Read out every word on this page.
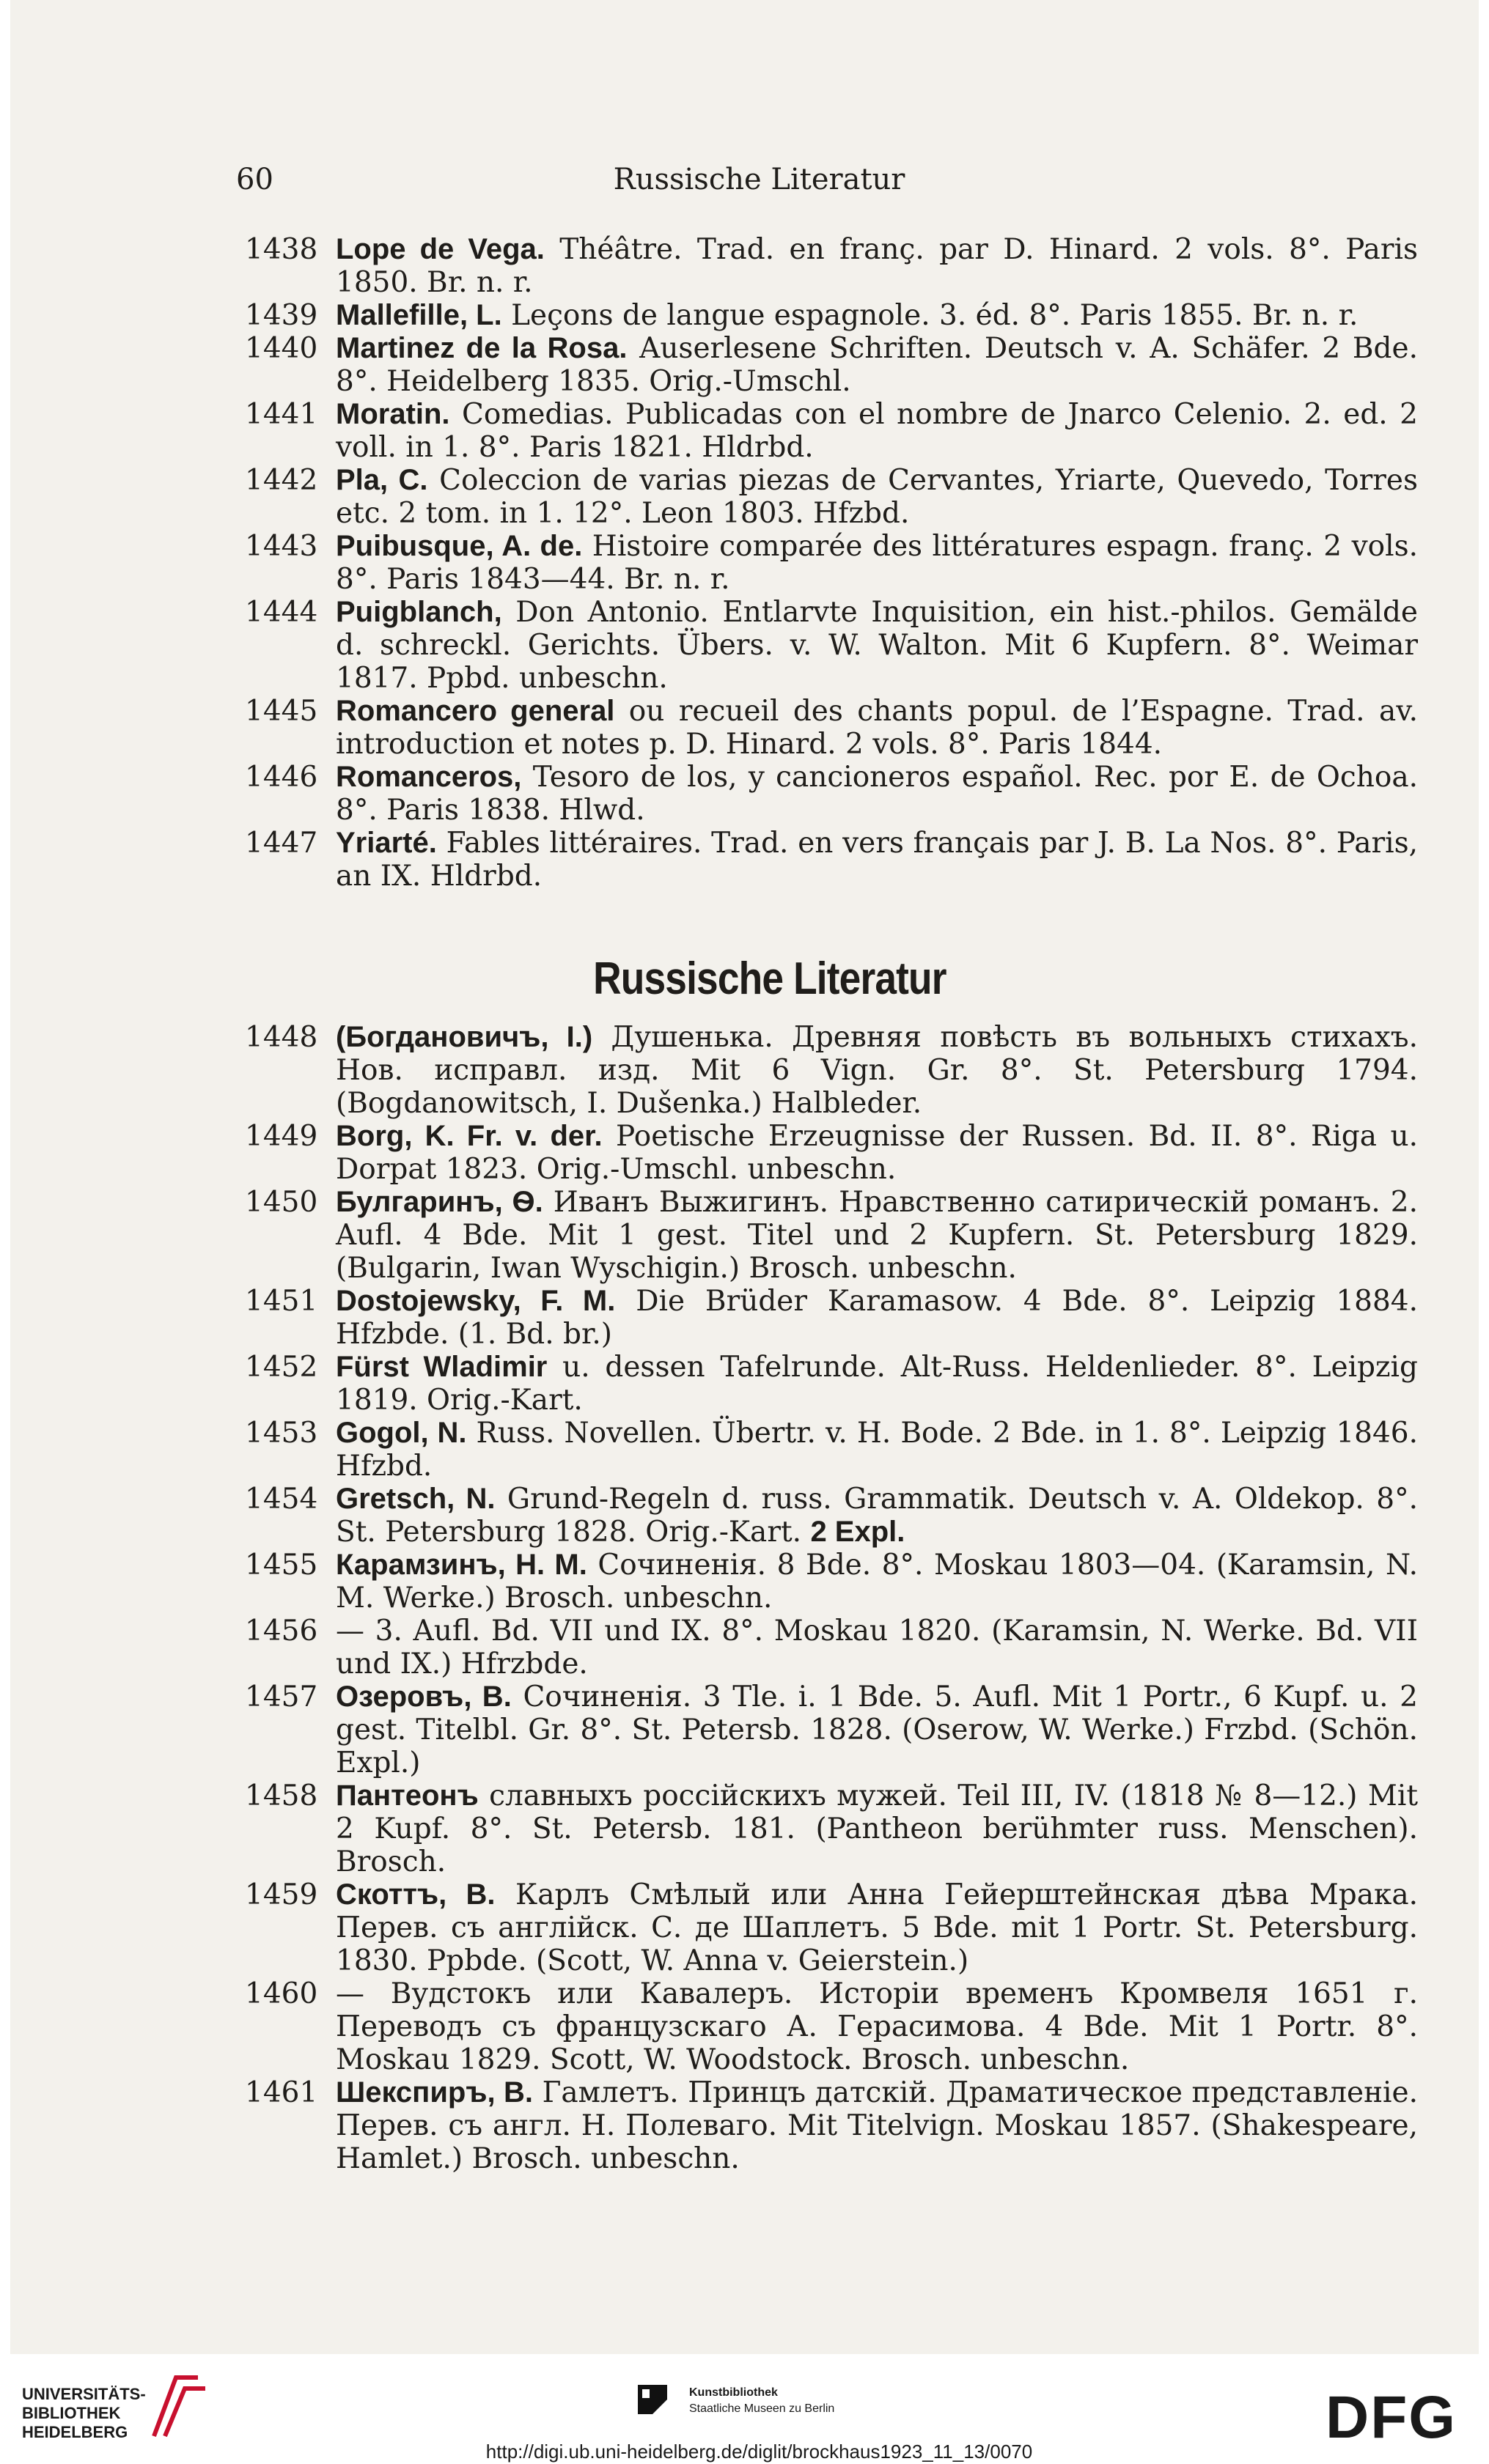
60	Russische Literatur
1438 Lope de Vega. Théâtre. Trad. en franç. par D. Hinard. 2 vols. 8°. Paris 1850. Br. n. r.
1439 Mallefille, L. Leçons de langue espagnole. 3. éd. 8°. Paris 1855. Br. n. r.
1440 Martinez de la Rosa. Auserlesene Schriften. Deutsch v. A. Schäfer. 2 Bde. 8°. Heidelberg 1835. Orig.-Umschl.
1441 Moratin. Comedias. Publicadas con el nombre de Jnarco Celenio. 2. ed. 2 voll. in 1. 8°. Paris 1821. Hldrbd.
1442 Pla, C. Coleccion de varias piezas de Cervantes, Yriarte, Quevedo, Torres etc. 2 tom. in 1. 12°. Leon 1803. Hfzbd.
1443 Puibusque, A. de. Histoire comparée des littératures espagn. franç. 2 vols. 8°. Paris 1843—44. Br. n. r.
1444 Puigblanch, Don Antonio. Entlarvte Inquisition, ein hist.-philos. Gemälde d. schreckl. Gerichts. Übers. v. W. Walton. Mit 6 Kupfern. 8°. Weimar 1817. Ppbd. unbeschn.
1445 Romancero general ou recueil des chants popul. de l’Espagne. Trad. av. introduction et notes p. D. Hinard. 2 vols. 8°. Paris 1844.
1446 Romanceros, Tesoro de los, y cancioneros español. Rec. por E. de Ochoa. 8°. Paris 1838. Hlwd.
1447 Yriarté. Fables littéraires. Trad. en vers français par J. B. La Nos. 8°. Paris, an IX. Hldrbd.
Russische Literatur
1448 (Богдановичъ, I.) Душенька. Древняя повѣсть въ вольныхъ стихахъ. Нов. исправл. изд. Mit 6 Vign. Gr. 8°. St. Petersburg 1794. (Bogdanowitsch, I. Dušenka.) Halbleder.
1449 Borg, K. Fr. v. der. Poetische Erzeugnisse der Russen. Bd. II. 8°. Riga u. Dorpat 1823. Orig.-Umschl. unbeschn.
1450 Булгаринъ, Ѳ. Иванъ Выжигинъ. Нравственно сатирическій романъ. 2. Aufl. 4 Bde. Mit 1 gest. Titel und 2 Kupfern. St. Petersburg 1829. (Bulgarin, Iwan Wyschigin.) Brosch. unbeschn.
1451 Dostojewsky, F. M. Die Brüder Karamasow. 4 Bde. 8°. Leipzig 1884. Hfzbde. (1. Bd. br.)
1452 Fürst Wladimir u. dessen Tafelrunde. Alt-Russ. Heldenlieder. 8°. Leipzig 1819. Orig.-Kart.
1453 Gogol, N. Russ. Novellen. Übertr. v. H. Bode. 2 Bde. in 1. 8°. Leipzig 1846. Hfzbd.
1454 Gretsch, N. Grund-Regeln d. russ. Grammatik. Deutsch v. A. Oldekop. 8°. St. Petersburg 1828. Orig.-Kart. 2 Expl.
1455 Карамзинъ, Н. М. Сочиненія. 8 Bde. 8°. Moskau 1803—04. (Karamsin, N. M. Werke.) Brosch. unbeschn.
1456 — 3. Aufl. Bd. VII und IX. 8°. Moskau 1820. (Karamsin, N. Werke. Bd. VII und IX.) Hfrzbde.
1457 Озеровъ, В. Сочиненія. 3 Tle. i. 1 Bde. 5. Aufl. Mit 1 Portr., 6 Kupf. u. 2 gest. Titelbl. Gr. 8°. St. Petersb. 1828. (Oserow, W. Werke.) Frzbd. (Schön. Expl.)
1458 Пантеонъ славныхъ россійскихъ мужей. Teil III, IV. (1818 № 8—12.) Mit 2 Kupf. 8°. St. Petersb. 181. (Pantheon berühmter russ. Menschen). Brosch.
1459 Скоттъ, В. Карлъ Смѣлый или Анна Гейерштейнская дѣва Мрака. Перев. съ англійск. С. де Шаплетъ. 5 Bde. mit 1 Portr. St. Petersburg. 1830. Ppbde. (Scott, W. Anna v. Geierstein.)
1460 — Вудстокъ или Кавалеръ. Исторiи временъ Кромвеля 1651 г. Переводъ съ французскаго А. Герасимова. 4 Bde. Mit 1 Portr. 8°. Moskau 1829. Scott, W. Woodstock. Brosch. unbeschn.
1461 Шекспиръ, В. Гамлетъ. Принцъ датскій. Драматическое представленіе. Перев. съ англ. Н. Полеваго. Mit Titelvign. Moskau 1857. (Shakespeare, Hamlet.) Brosch. unbeschn.
UNIVERSITÄTS-
BIBLIOTHEK
HEIDELBERG
Kunstbibliothek
Staatliche Museen zu Berlin	DFG
http://digi.ub.uni-heidelberg.de/diglit/brockhaus1923_11_13/0070
